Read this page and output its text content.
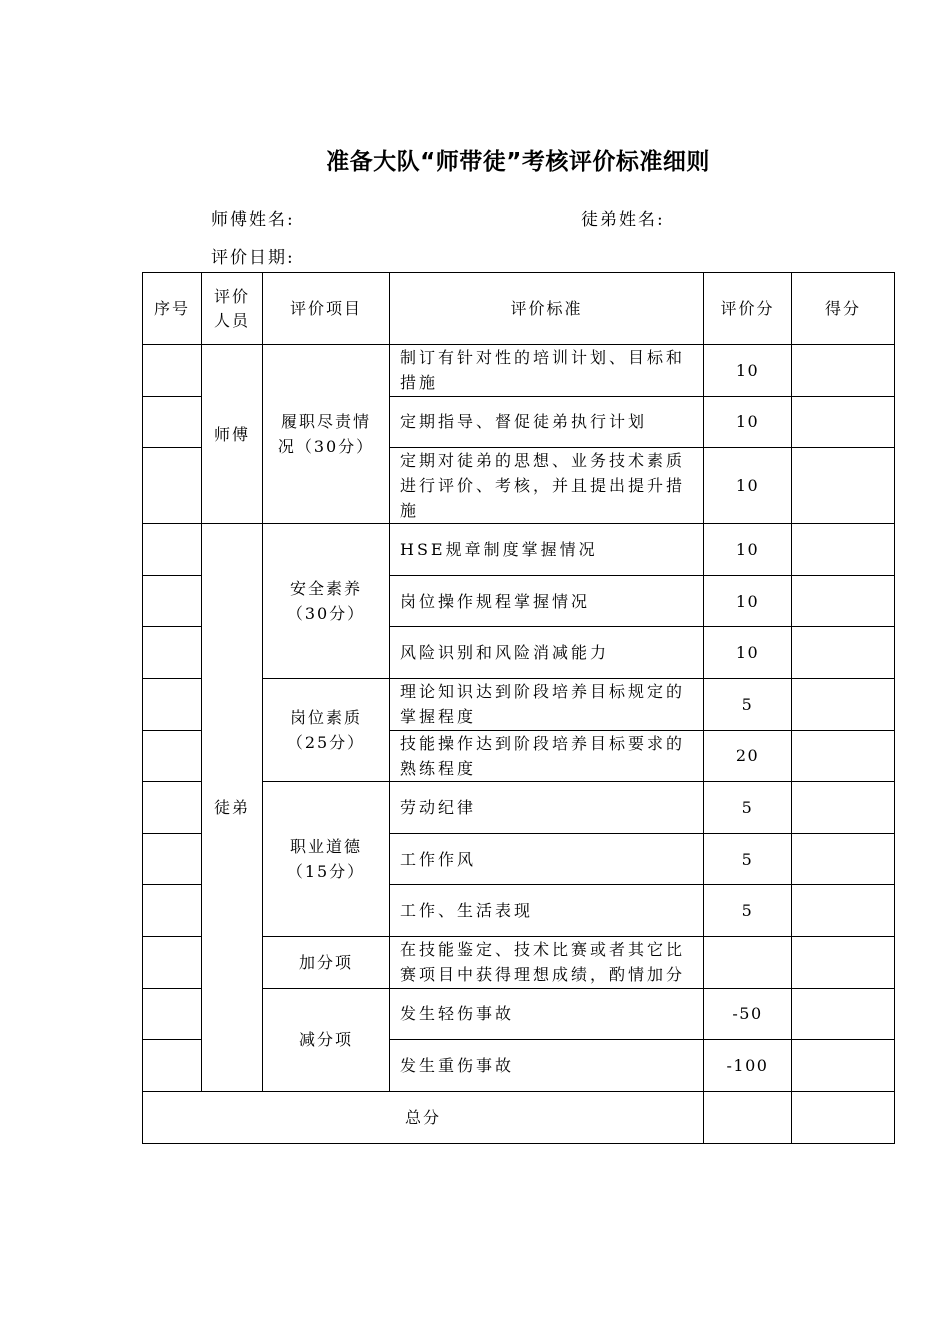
准备大队“师带徒”考核评价标准细则
师傅姓名:	徒弟姓名:
评价日期:
序号	评价人员	评价项目	评价标准	评价分	得分
	师傅	履职尽责情况（30分）	制订有针对性的培训计划、目标和措施	10	
			定期指导、督促徒弟执行计划	10	
			定期对徒弟的思想、业务技术素质进行评价、考核，并且提出提升措施	10	
	徒弟	安全素养（30分）	HSE规章制度掌握情况	10	
			岗位操作规程掌握情况	10	
			风险识别和风险消减能力	10	

		岗位素质（25分）	理论知识达到阶段培养目标规定的掌握程度	5	
			技能操作达到阶段培养目标要求的熟练程度	20	

		职业道德（15分）	劳动纪律	5	
			工作作风	5	
			工作、生活表现	5	
		加分项	在技能鉴定、技术比赛或者其它比赛项目中获得理想成绩，酌情加分		
		减分项	发生轻伤事故	-50	
			发生重伤事故	-100	
总分					
